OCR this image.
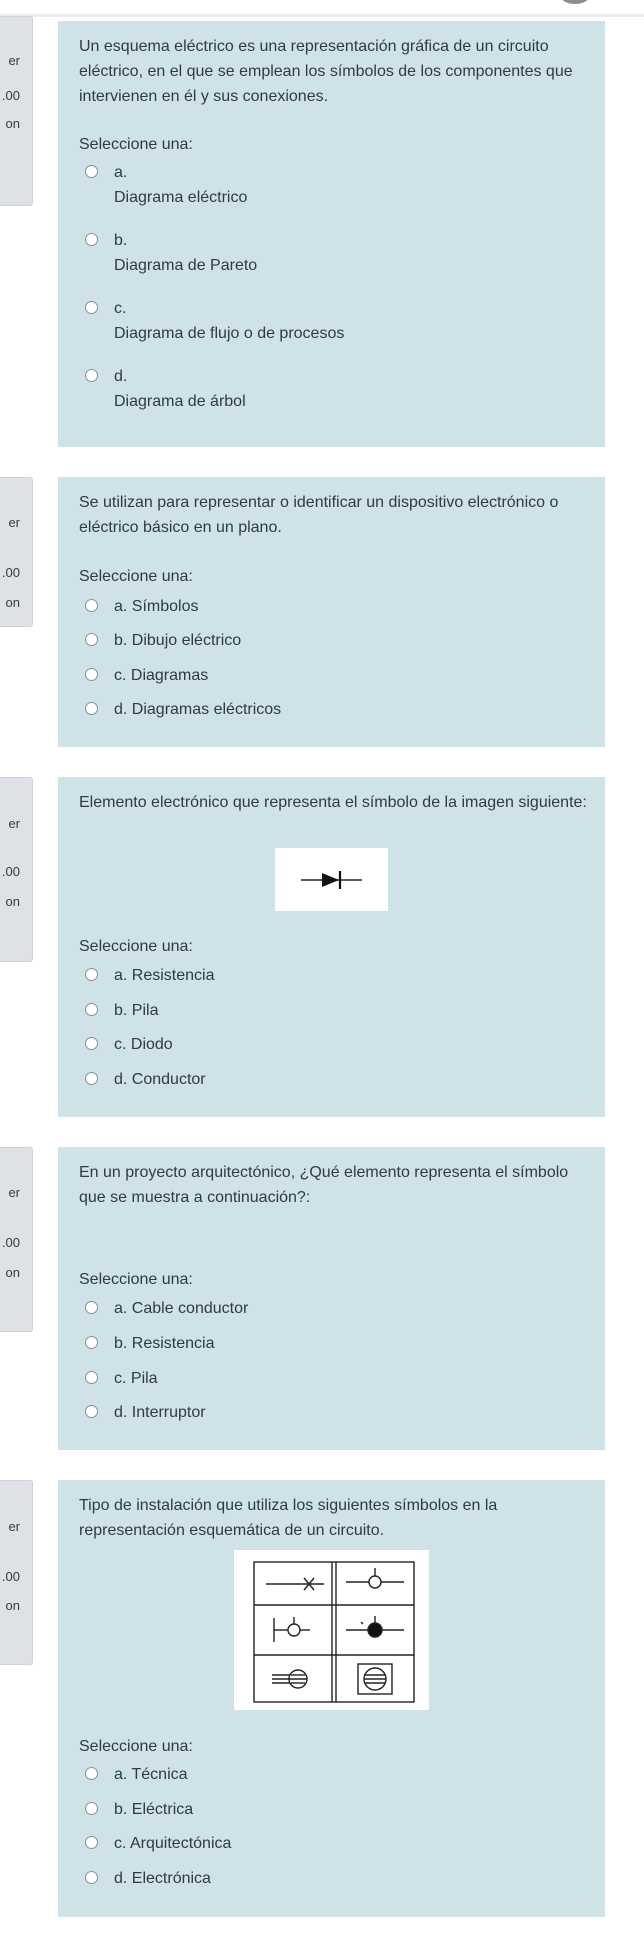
er
.00
on
Un esquema eléctrico es una representación gráfica de un circuito eléctrico, en el que se emplean los símbolos de los componentes que intervienen en él y sus conexiones.
Seleccione una:
a.
Diagrama eléctrico
b.
Diagrama de Pareto
c.
Diagrama de flujo o de procesos
d.
Diagrama de árbol
er
.00
on
Se utilizan para representar o identificar un dispositivo electrónico o eléctrico básico en un plano.
Seleccione una:
a. Símbolos
b. Dibujo eléctrico
c. Diagramas
d. Diagramas eléctricos
er
.00
on
Elemento electrónico que representa el símbolo de la imagen siguiente:
Seleccione una:
a. Resistencia
b. Pila
c. Diodo
d. Conductor
er
.00
on
En un proyecto arquitectónico, ¿Qué elemento representa el símbolo que se muestra a continuación?:
Seleccione una:
a. Cable conductor
b. Resistencia
c. Pila
d. Interruptor
er
.00
on
Tipo de instalación que utiliza los siguientes símbolos en la representación esquemática de un circuito.
Seleccione una:
a. Técnica
b. Eléctrica
c. Arquitectónica
d. Electrónica
